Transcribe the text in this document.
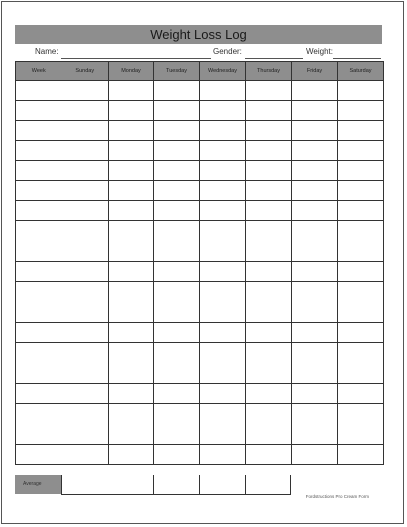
Weight Loss Log
Name:	Gender:	Weight:
Week	Sunday	Monday	Tuesday	Wednesday	Thursday	Friday	Saturday

Average
Fordstructions Pro Cream Form
